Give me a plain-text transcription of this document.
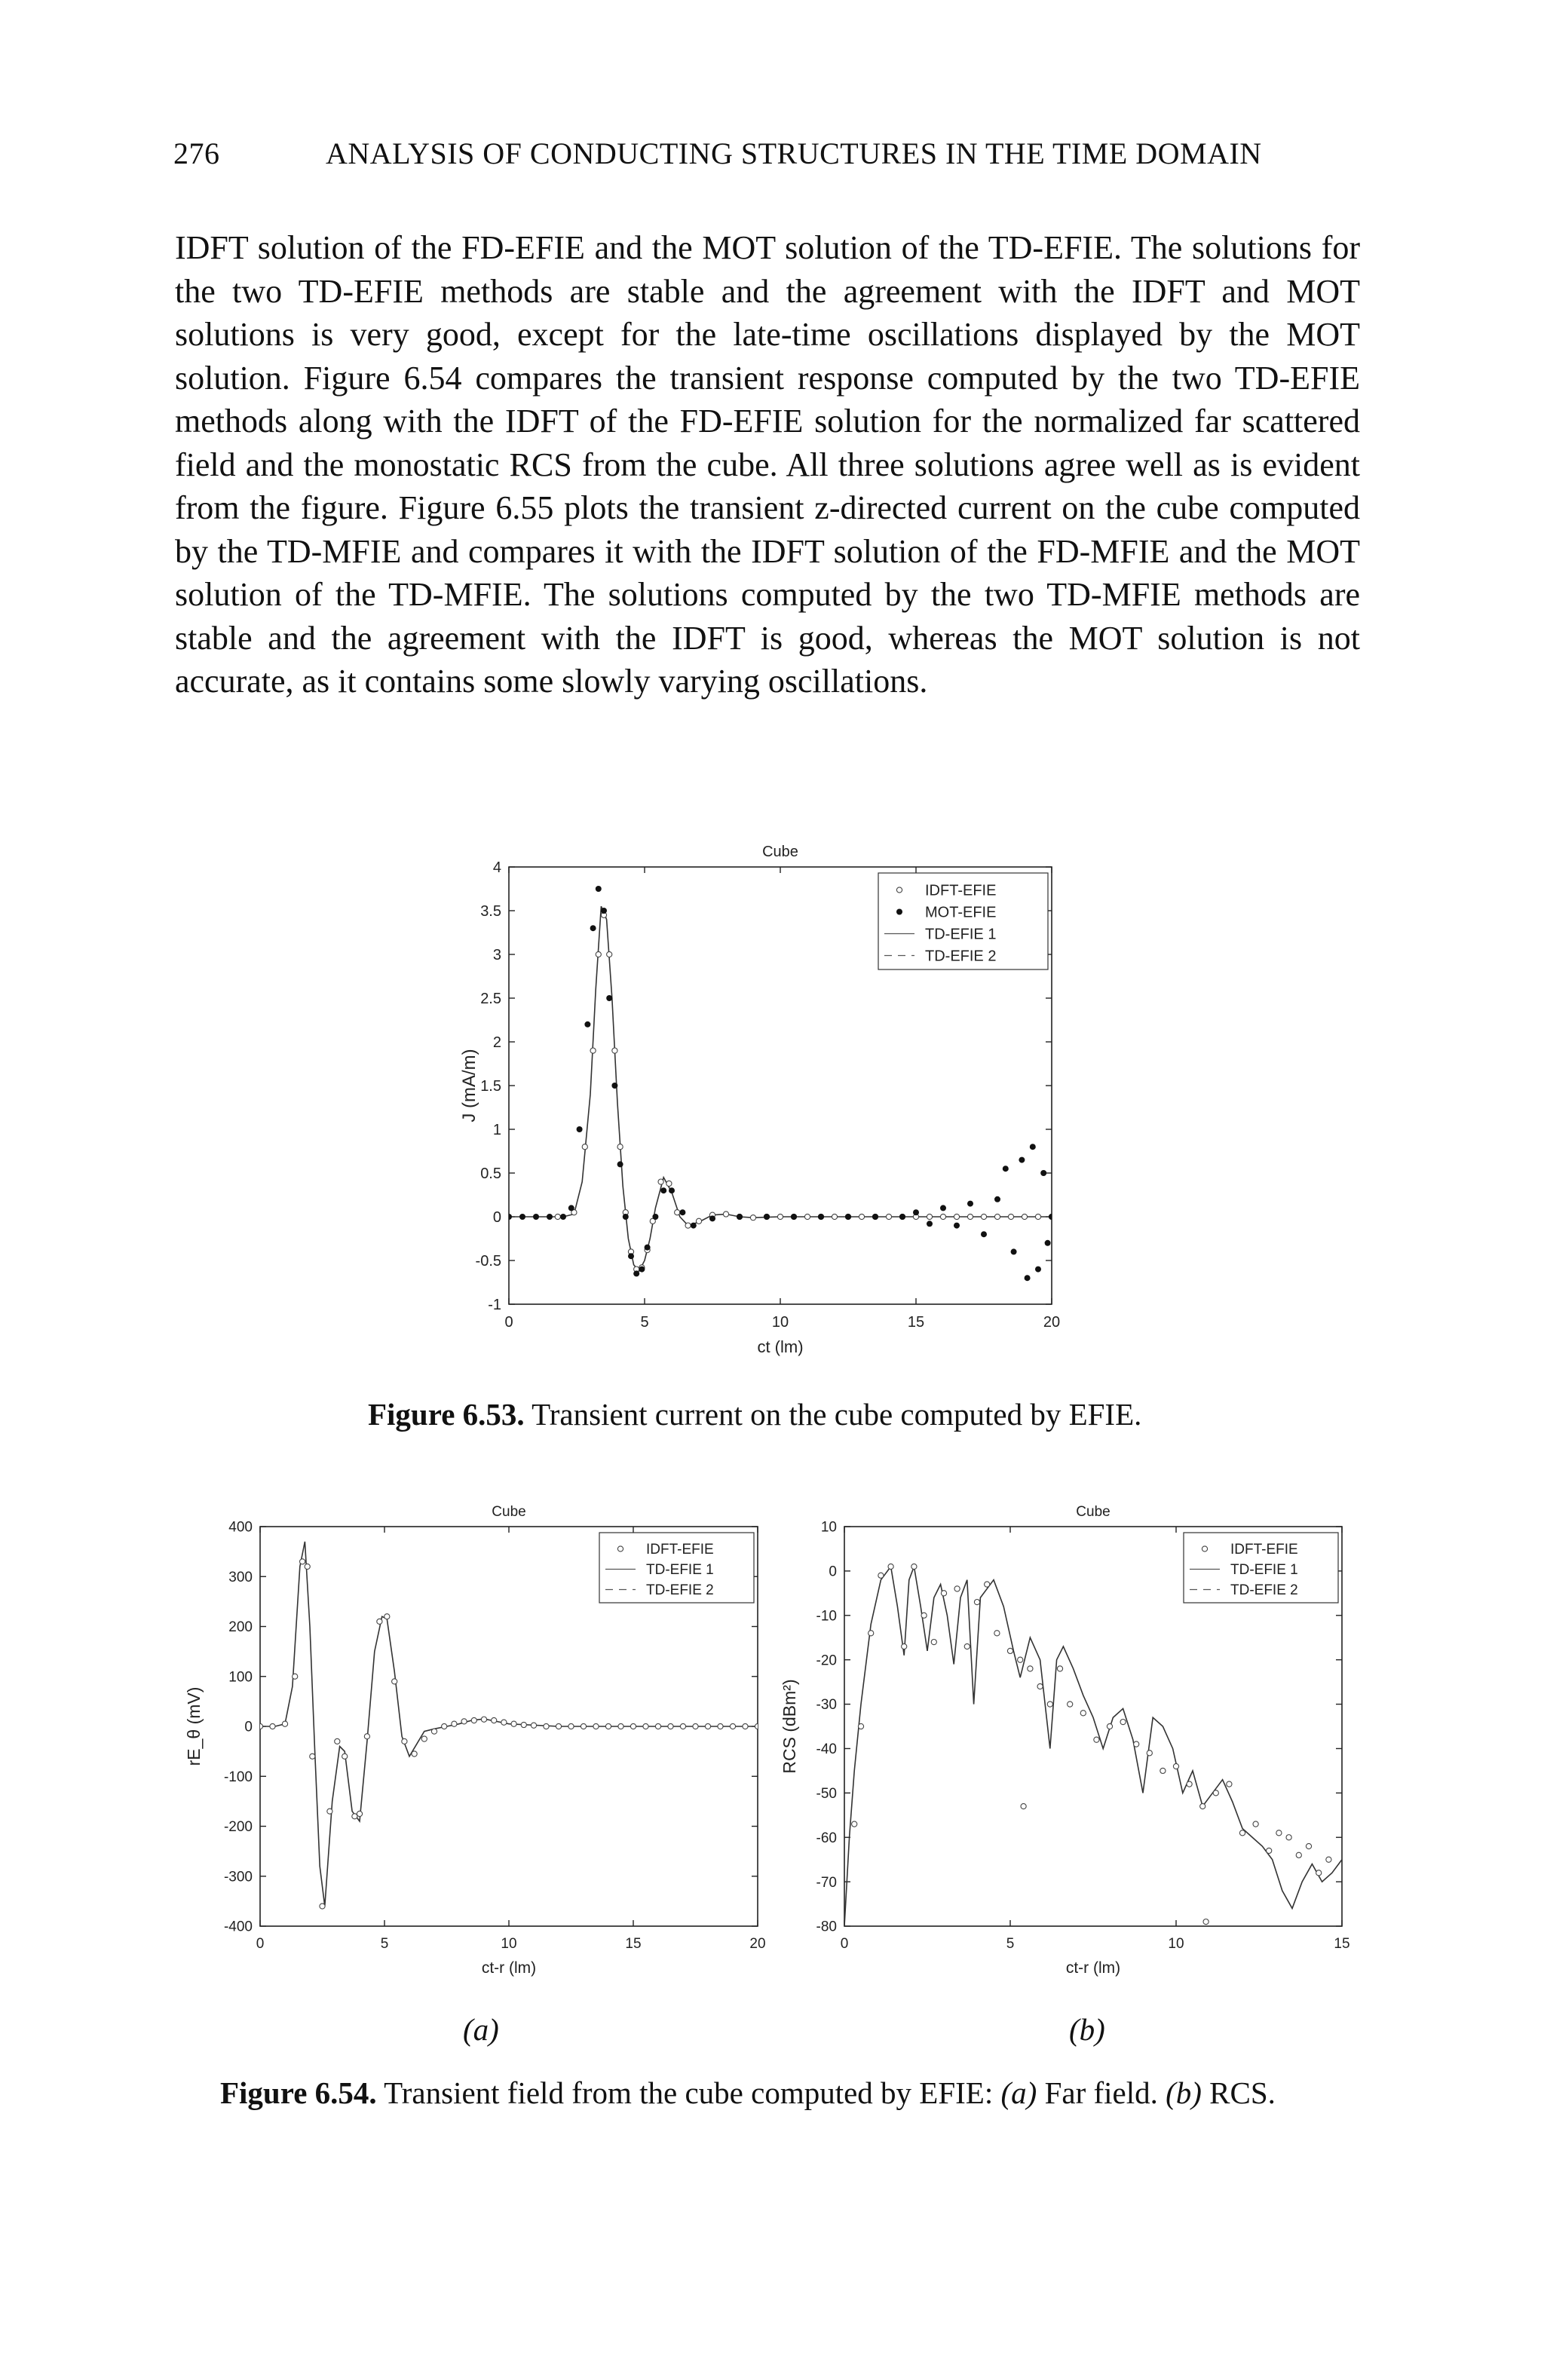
276	ANALYSIS OF CONDUCTING STRUCTURES IN THE TIME DOMAIN

IDFT solution of the FD-EFIE and the MOT solution of the TD-EFIE. The solutions for the two TD-EFIE methods are stable and the agreement with the IDFT and MOT solutions is very good, except for the late-time oscillations displayed by the MOT solution. Figure 6.54 compares the transient response computed by the two TD-EFIE methods along with the IDFT of the FD-EFIE solution for the normalized far scattered field and the monostatic RCS from the cube. All three solutions agree well as is evident from the figure. Figure 6.55 plots the transient z-directed current on the cube computed by the TD-MFIE and compares it with the IDFT solution of the FD-MFIE and the MOT solution of the TD-MFIE. The solutions computed by the two TD-MFIE methods are stable and the agreement with the IDFT is good, whereas the MOT solution is not accurate, as it contains some slowly varying oscillations.

Cube
-1
-0.5
0
0.5
1
1.5
2
2.5
3
3.5
4
0	5	10	15	20
ct (lm)
J (mA/m)
IDFT-EFIE
MOT-EFIE
TD-EFIE 1
TD-EFIE 2
Figure 6.53. Transient current on the cube computed by EFIE.
Cube
-400
-300
-200
-100
0
100
200
300
400
0	5	10	15	20
ct-r (lm)
rE_θ (mV)
IDFT-EFIE
TD-EFIE 1
TD-EFIE 2
Cube
-80
-70
-60
-50
-40
-30
-20
-10
0
10
0	5	10	15
ct-r (lm)
RCS (dBm²)
IDFT-EFIE
TD-EFIE 1
TD-EFIE 2
(a)	(b)
Figure 6.54. Transient field from the cube computed by EFIE: (a) Far field. (b) RCS.
